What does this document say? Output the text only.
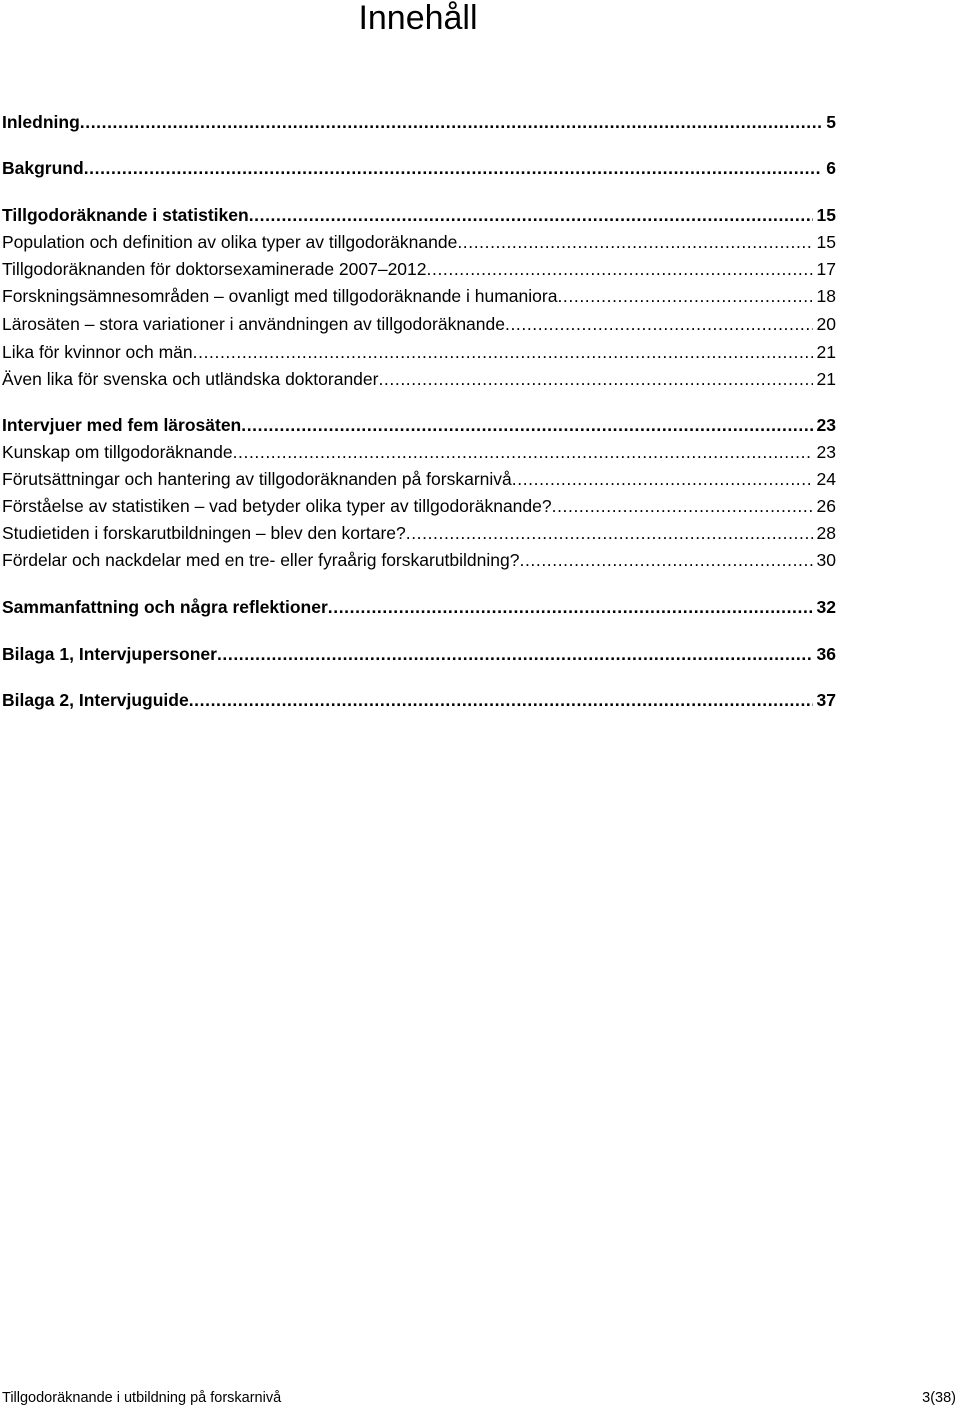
Innehåll
Inledning .....	5
Bakgrund .....	6
Tillgodoräknande i statistiken .....	15
Population och definition av olika typer av tillgodoräknande .....	15
Tillgodoräknanden för doktorsexaminerade 2007–2012 .....	17
Forskningsämnesområden – ovanligt med tillgodoräknande i humaniora .....	18
Lärosäten – stora variationer i användningen av tillgodoräknande .....	20
Lika för kvinnor och män .....	21
Även lika för svenska och utländska doktorander .....	21
Intervjuer med fem lärosäten .....	23
Kunskap om tillgodoräknande .....	23
Förutsättningar och hantering av tillgodoräknanden på forskarnivå .....	24
Förståelse av statistiken – vad betyder olika typer av tillgodoräknande? .....	26
Studietiden i forskarutbildningen – blev den kortare? .....	28
Fördelar och nackdelar med en tre- eller fyraårig forskarutbildning? .....	30
Sammanfattning och några reflektioner .....	32
Bilaga 1, Intervjupersoner .....	36
Bilaga 2, Intervjuguide .....	37
Tillgodoräknande i utbildning på forskarnivå	3(38)
